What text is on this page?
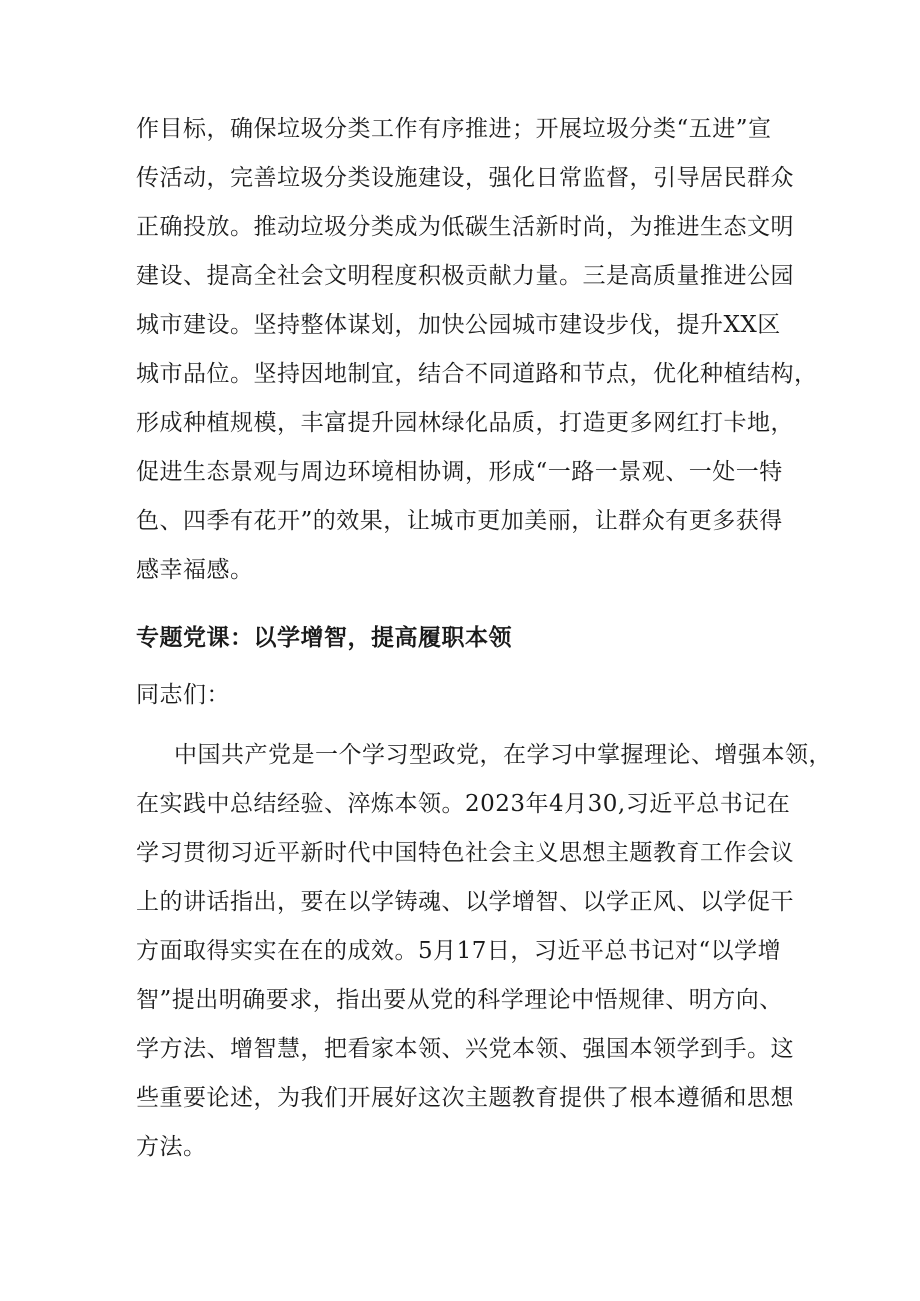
作目标，确保垃圾分类工作有序推进；开展垃圾分类“五进”宣
传活动，完善垃圾分类设施建设，强化日常监督，引导居民群众
正确投放。推动垃圾分类成为低碳生活新时尚，为推进生态文明
建设、提高全社会文明程度积极贡献力量。三是高质量推进公园
城市建设。坚持整体谋划，加快公园城市建设步伐，提升XX区
城市品位。坚持因地制宜，结合不同道路和节点，优化种植结构，
形成种植规模，丰富提升园林绿化品质，打造更多网红打卡地，
促进生态景观与周边环境相协调，形成“一路一景观、一处一特
色、四季有花开”的效果，让城市更加美丽，让群众有更多获得
感幸福感。
专题党课：以学增智，提高履职本领
同志们：
中国共产党是一个学习型政党，在学习中掌握理论、增强本领，
在实践中总结经验、淬炼本领。2023年4月30,习近平总书记在
学习贯彻习近平新时代中国特色社会主义思想主题教育工作会议
上的讲话指出，要在以学铸魂、以学增智、以学正风、以学促干
方面取得实实在在的成效。5月17日，习近平总书记对“以学增
智”提出明确要求，指出要从党的科学理论中悟规律、明方向、
学方法、增智慧，把看家本领、兴党本领、强国本领学到手。这
些重要论述，为我们开展好这次主题教育提供了根本遵循和思想
方法。
